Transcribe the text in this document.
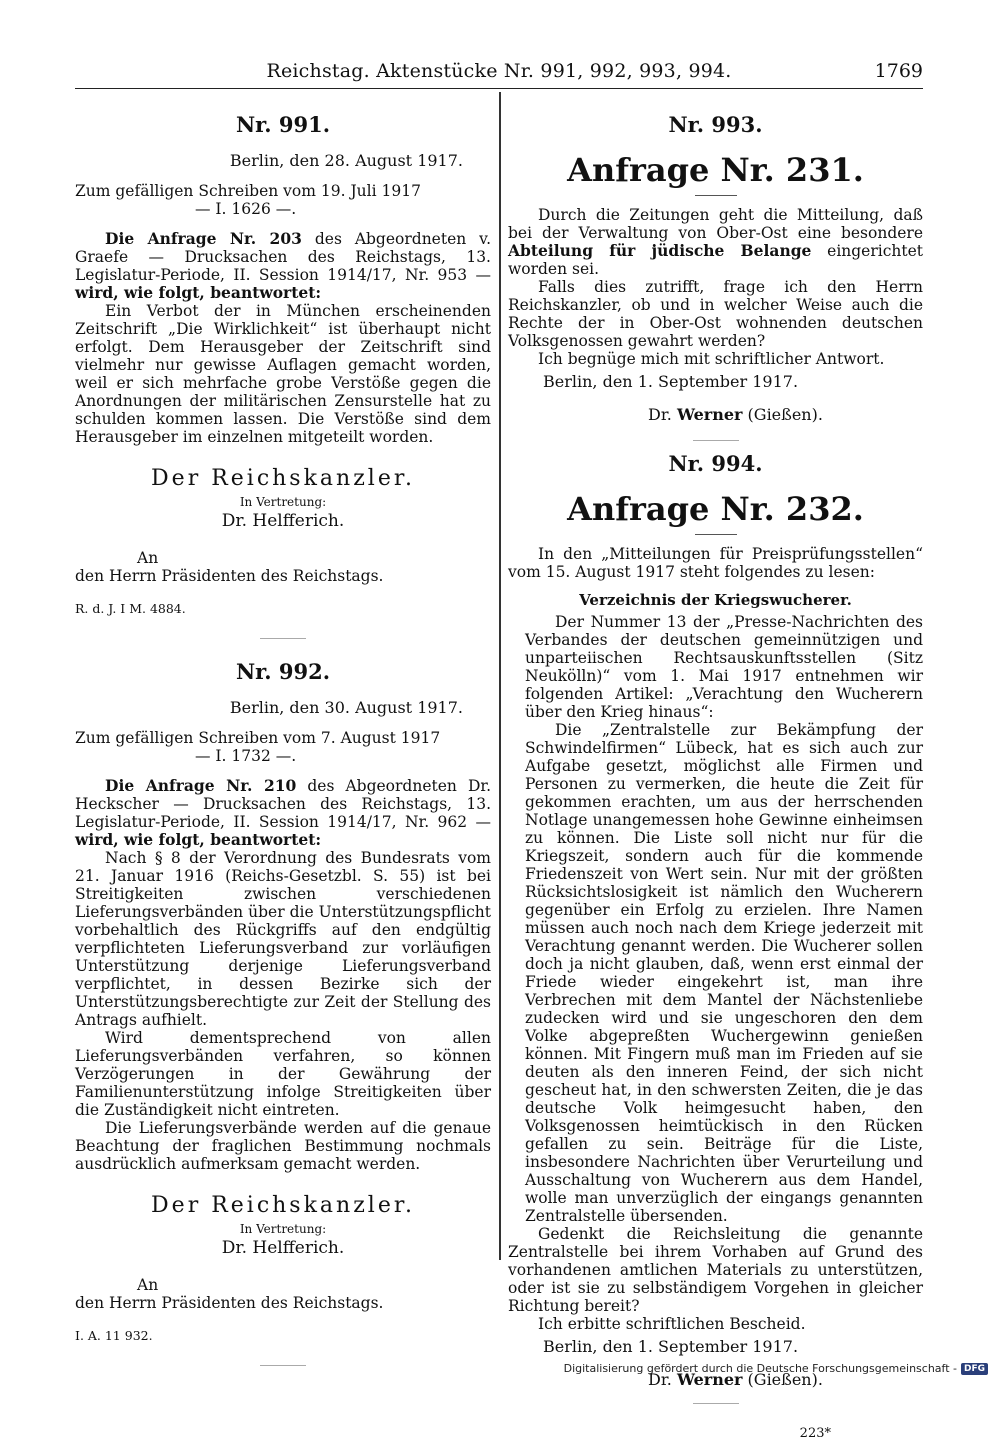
Reichstag. Aktenstücke Nr. 991, 992, 993, 994.	1769
Nr. 991.
Berlin, den 28. August 1917.
Zum gefälligen Schreiben vom 19. Juli 1917
— I. 1626 —.

Die Anfrage Nr. 203 des Abgeordneten v. Graefe — Drucksachen des Reichstags, 13. Legislatur-Periode, II. Session 1914/17, Nr. 953 — wird, wie folgt, beantwortet:

Ein Verbot der in München erscheinenden Zeitschrift „Die Wirklichkeit“ ist überhaupt nicht erfolgt. Dem Herausgeber der Zeitschrift sind vielmehr nur gewisse Auflagen gemacht worden, weil er sich mehrfache grobe Verstöße gegen die Anordnungen der militärischen Zensurstelle hat zu schulden kommen lassen. Die Verstöße sind dem Herausgeber im einzelnen mitgeteilt worden.

Der Reichskanzler.
In Vertretung:
Dr. Helfferich.
An
den Herrn Präsidenten des Reichstags.
R. d. J. I M. 4884.
Nr. 992.
Berlin, den 30. August 1917.
Zum gefälligen Schreiben vom 7. August 1917
— I. 1732 —.

Die Anfrage Nr. 210 des Abgeordneten Dr. Heckscher — Drucksachen des Reichstags, 13. Legislatur-Periode, II. Session 1914/17, Nr. 962 — wird, wie folgt, beantwortet:

Nach § 8 der Verordnung des Bundesrats vom 21. Januar 1916 (Reichs-Gesetzbl. S. 55) ist bei Streitigkeiten zwischen verschiedenen Lieferungsverbänden über die Unterstützungspflicht vorbehaltlich des Rückgriffs auf den endgültig verpflichteten Lieferungsverband zur vorläufigen Unterstützung derjenige Lieferungsverband verpflichtet, in dessen Bezirke sich der Unterstützungsberechtigte zur Zeit der Stellung des Antrags aufhielt.

Wird dementsprechend von allen Lieferungsverbänden verfahren, so können Verzögerungen in der Gewährung der Familienunterstützung infolge Streitigkeiten über die Zuständigkeit nicht eintreten.

Die Lieferungsverbände werden auf die genaue Beachtung der fraglichen Bestimmung nochmals ausdrücklich aufmerksam gemacht werden.

Der Reichskanzler.
In Vertretung:
Dr. Helfferich.
An
den Herrn Präsidenten des Reichstags.
I. A. 11 932.
Nr. 993.
Anfrage Nr. 231.

Durch die Zeitungen geht die Mitteilung, daß bei der Verwaltung von Ober-Ost eine besondere Abteilung für jüdische Belange eingerichtet worden sei.

Falls dies zutrifft, frage ich den Herrn Reichskanzler, ob und in welcher Weise auch die Rechte der in Ober-Ost wohnenden deutschen Volksgenossen gewahrt werden?

Ich begnüge mich mit schriftlicher Antwort.

Berlin, den 1. September 1917.
Dr. Werner (Gießen).
Nr. 994.
Anfrage Nr. 232.

In den „Mitteilungen für Preisprüfungsstellen“ vom 15. August 1917 steht folgendes zu lesen:

Verzeichnis der Kriegswucherer.

Der Nummer 13 der „Presse-Nachrichten des Verbandes der deutschen gemeinnützigen und unparteiischen Rechtsauskunftsstellen (Sitz Neukölln)“ vom 1. Mai 1917 entnehmen wir folgenden Artikel: „Verachtung den Wucherern über den Krieg hinaus“:

Die „Zentralstelle zur Bekämpfung der Schwindelfirmen“ Lübeck, hat es sich auch zur Aufgabe gesetzt, möglichst alle Firmen und Personen zu vermerken, die heute die Zeit für gekommen erachten, um aus der herrschenden Notlage unangemessen hohe Gewinne einheimsen zu können. Die Liste soll nicht nur für die Kriegszeit, sondern auch für die kommende Friedenszeit von Wert sein. Nur mit der größten Rücksichtslosigkeit ist nämlich den Wucherern gegenüber ein Erfolg zu erzielen. Ihre Namen müssen auch noch nach dem Kriege jederzeit mit Verachtung genannt werden. Die Wucherer sollen doch ja nicht glauben, daß, wenn erst einmal der Friede wieder eingekehrt ist, man ihre Verbrechen mit dem Mantel der Nächstenliebe zudecken wird und sie ungeschoren den dem Volke abgepreßten Wuchergewinn genießen können. Mit Fingern muß man im Frieden auf sie deuten als den inneren Feind, der sich nicht gescheut hat, in den schwersten Zeiten, die je das deutsche Volk heimgesucht haben, den Volksgenossen heimtückisch in den Rücken gefallen zu sein. Beiträge für die Liste, insbesondere Nachrichten über Verurteilung und Ausschaltung von Wucherern aus dem Handel, wolle man unverzüglich der eingangs genannten Zentralstelle übersenden.

Gedenkt die Reichsleitung die genannte Zentralstelle bei ihrem Vorhaben auf Grund des vorhandenen amtlichen Materials zu unterstützen, oder ist sie zu selbständigem Vorgehen in gleicher Richtung bereit?

Ich erbitte schriftlichen Bescheid.

Berlin, den 1. September 1917.
Dr. Werner (Gießen).
223*
Digitalisierung gefördert durch die Deutsche Forschungsgemeinschaft - DFG
